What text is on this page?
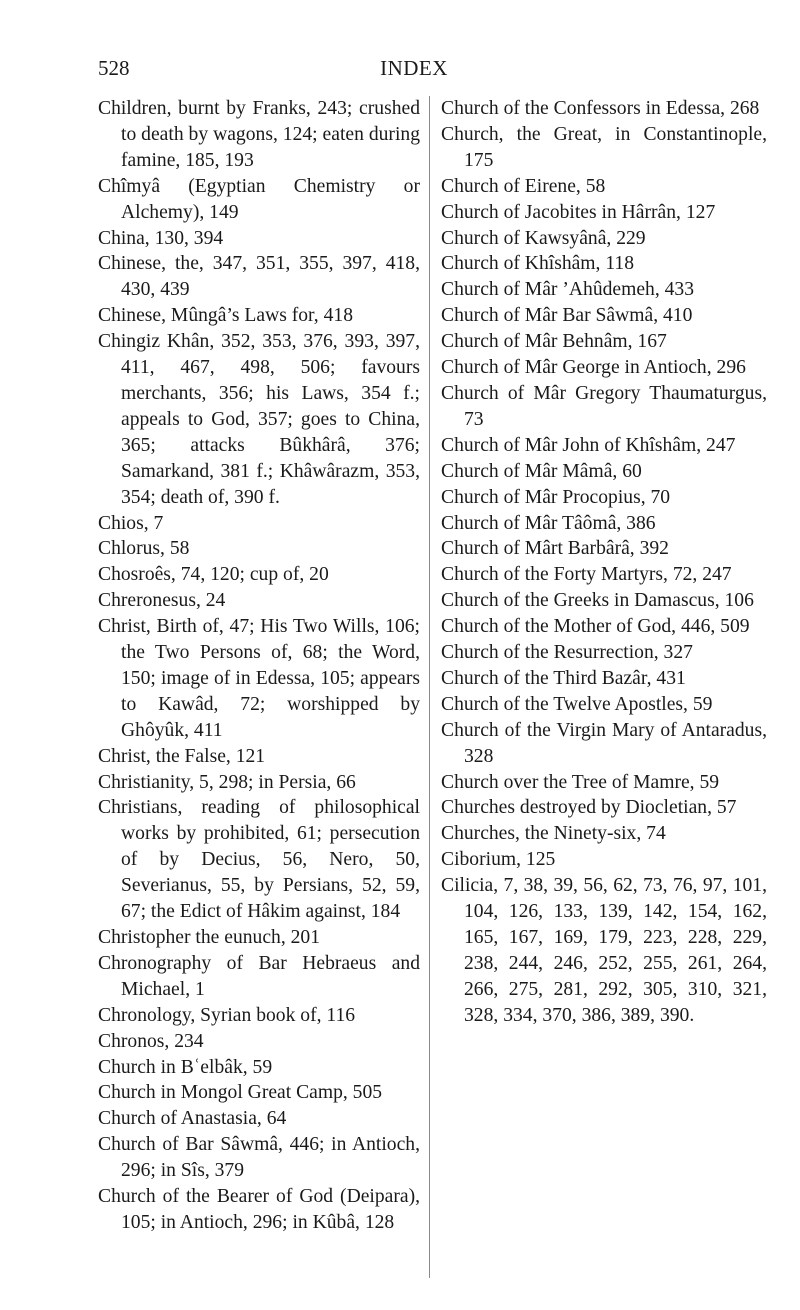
528	INDEX
Children, burnt by Franks, 243; crushed to death by wagons, 124; eaten during famine, 185, 193
Chîmyâ (Egyptian Chemistry or Alchemy), 149
China, 130, 394
Chinese, the, 347, 351, 355, 397, 418, 430, 439
Chinese, Mûngâ’s Laws for, 418
Chingiz Khân, 352, 353, 376, 393, 397, 411, 467, 498, 506; favours merchants, 356; his Laws, 354 f.; appeals to God, 357; goes to China, 365; attacks Bûkhârâ, 376; Samarkand, 381 f.; Khâwârazm, 353, 354; death of, 390 f.
Chios, 7
Chlorus, 58
Chosroês, 74, 120; cup of, 20
Chreronesus, 24
Christ, Birth of, 47; His Two Wills, 106; the Two Persons of, 68; the Word, 150; image of in Edessa, 105; appears to Kawâd, 72; worshipped by Ghôyûk, 411
Christ, the False, 121
Christianity, 5, 298; in Persia, 66
Christians, reading of philosophical works by prohibited, 61; persecution of by Decius, 56, Nero, 50, Severianus, 55, by Persians, 52, 59, 67; the Edict of Hâkim against, 184
Christopher the eunuch, 201
Chronography of Bar Hebraeus and Michael, 1
Chronology, Syrian book of, 116
Chronos, 234
Church in Bʿelbâk, 59
Church in Mongol Great Camp, 505
Church of Anastasia, 64
Church of Bar Sâwmâ, 446; in Antioch, 296; in Sîs, 379
Church of the Bearer of God (Deipara), 105; in Antioch, 296; in Kûbâ, 128
Church of the Confessors in Edessa, 268
Church, the Great, in Constantinople, 175
Church of Eirene, 58
Church of Jacobites in Hârrân, 127
Church of Kawsyânâ, 229
Church of Khîshâm, 118
Church of Mâr ’Ahûdemeh, 433
Church of Mâr Bar Sâwmâ, 410
Church of Mâr Behnâm, 167
Church of Mâr George in Antioch, 296
Church of Mâr Gregory Thaumaturgus, 73
Church of Mâr John of Khîshâm, 247
Church of Mâr Mâmâ, 60
Church of Mâr Procopius, 70
Church of Mâr Tâômâ, 386
Church of Mârt Barbârâ, 392
Church of the Forty Martyrs, 72, 247
Church of the Greeks in Damascus, 106
Church of the Mother of God, 446, 509
Church of the Resurrection, 327
Church of the Third Bazâr, 431
Church of the Twelve Apostles, 59
Church of the Virgin Mary of Antaradus, 328
Church over the Tree of Mamre, 59
Churches destroyed by Diocletian, 57
Churches, the Ninety-six, 74
Ciborium, 125
Cilicia, 7, 38, 39, 56, 62, 73, 76, 97, 101, 104, 126, 133, 139, 142, 154, 162, 165, 167, 169, 179, 223, 228, 229, 238, 244, 246, 252, 255, 261, 264, 266, 275, 281, 292, 305, 310, 321, 328, 334, 370, 386, 389, 390.
